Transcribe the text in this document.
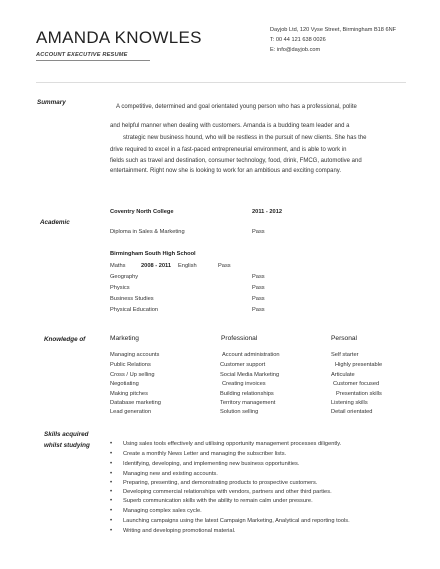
AMANDA KNOWLES
ACCOUNT EXECUTIVE RESUME
Dayjob Ltd, 120 Vyse Street, Birmingham B18 6NF
T: 00 44 121 638 0026
E: info@dayjob.com
Summary
A competitive, determined and goal orientated young person who has a professional, polite
and helpful manner when dealing with customers. Amanda is a budding team leader and a
strategic new business hound, who will be restless in the pursuit of new clients. She has the
drive required to excel in a fast-paced entrepreneurial environment, and is able to work in
fields such as travel and destination, consumer technology, food, drink, FMCG, automotive and
entertainment. Right now she is looking to work for an ambitious and exciting company.
Academic
Coventry North College	2011 - 2012
Diploma in Sales & Marketing	Pass
Birmingham South High School
Maths	2008 - 2011 English	Pass
Geography	Pass
Physics	Pass
Business Studies	Pass
Physical Education	Pass
Knowledge of	Marketing	Professional	Personal
Managing accounts
Public Relations
Cross / Up selling
Negotiating
Making pitches
Database marketing
Lead generation
Account administration
Customer support
Social Media Marketing
Creating invoices
Building relationships
Territory management
Solution selling
Self starter
Highly presentable
Articulate
Customer focused
Presentation skills
Listening skills
Detail orientated
Skills acquired
whilst studying
•	Using sales tools effectively and utilising opportunity management processes diligently.
• Create a monthly News Letter and managing the subscriber lists.
• Identifying, developing, and implementing new business opportunities.
• Managing new and existing accounts.
• Preparing, presenting, and demonstrating products to prospective customers.
• Developing commercial relationships with vendors, partners and other third parties.
• Superb communication skills with the ability to remain calm under pressure.
• Managing complex sales cycle.
• Launching campaigns using the latest Campaign Marketing, Analytical and reporting tools.
• Writing and developing promotional material.
